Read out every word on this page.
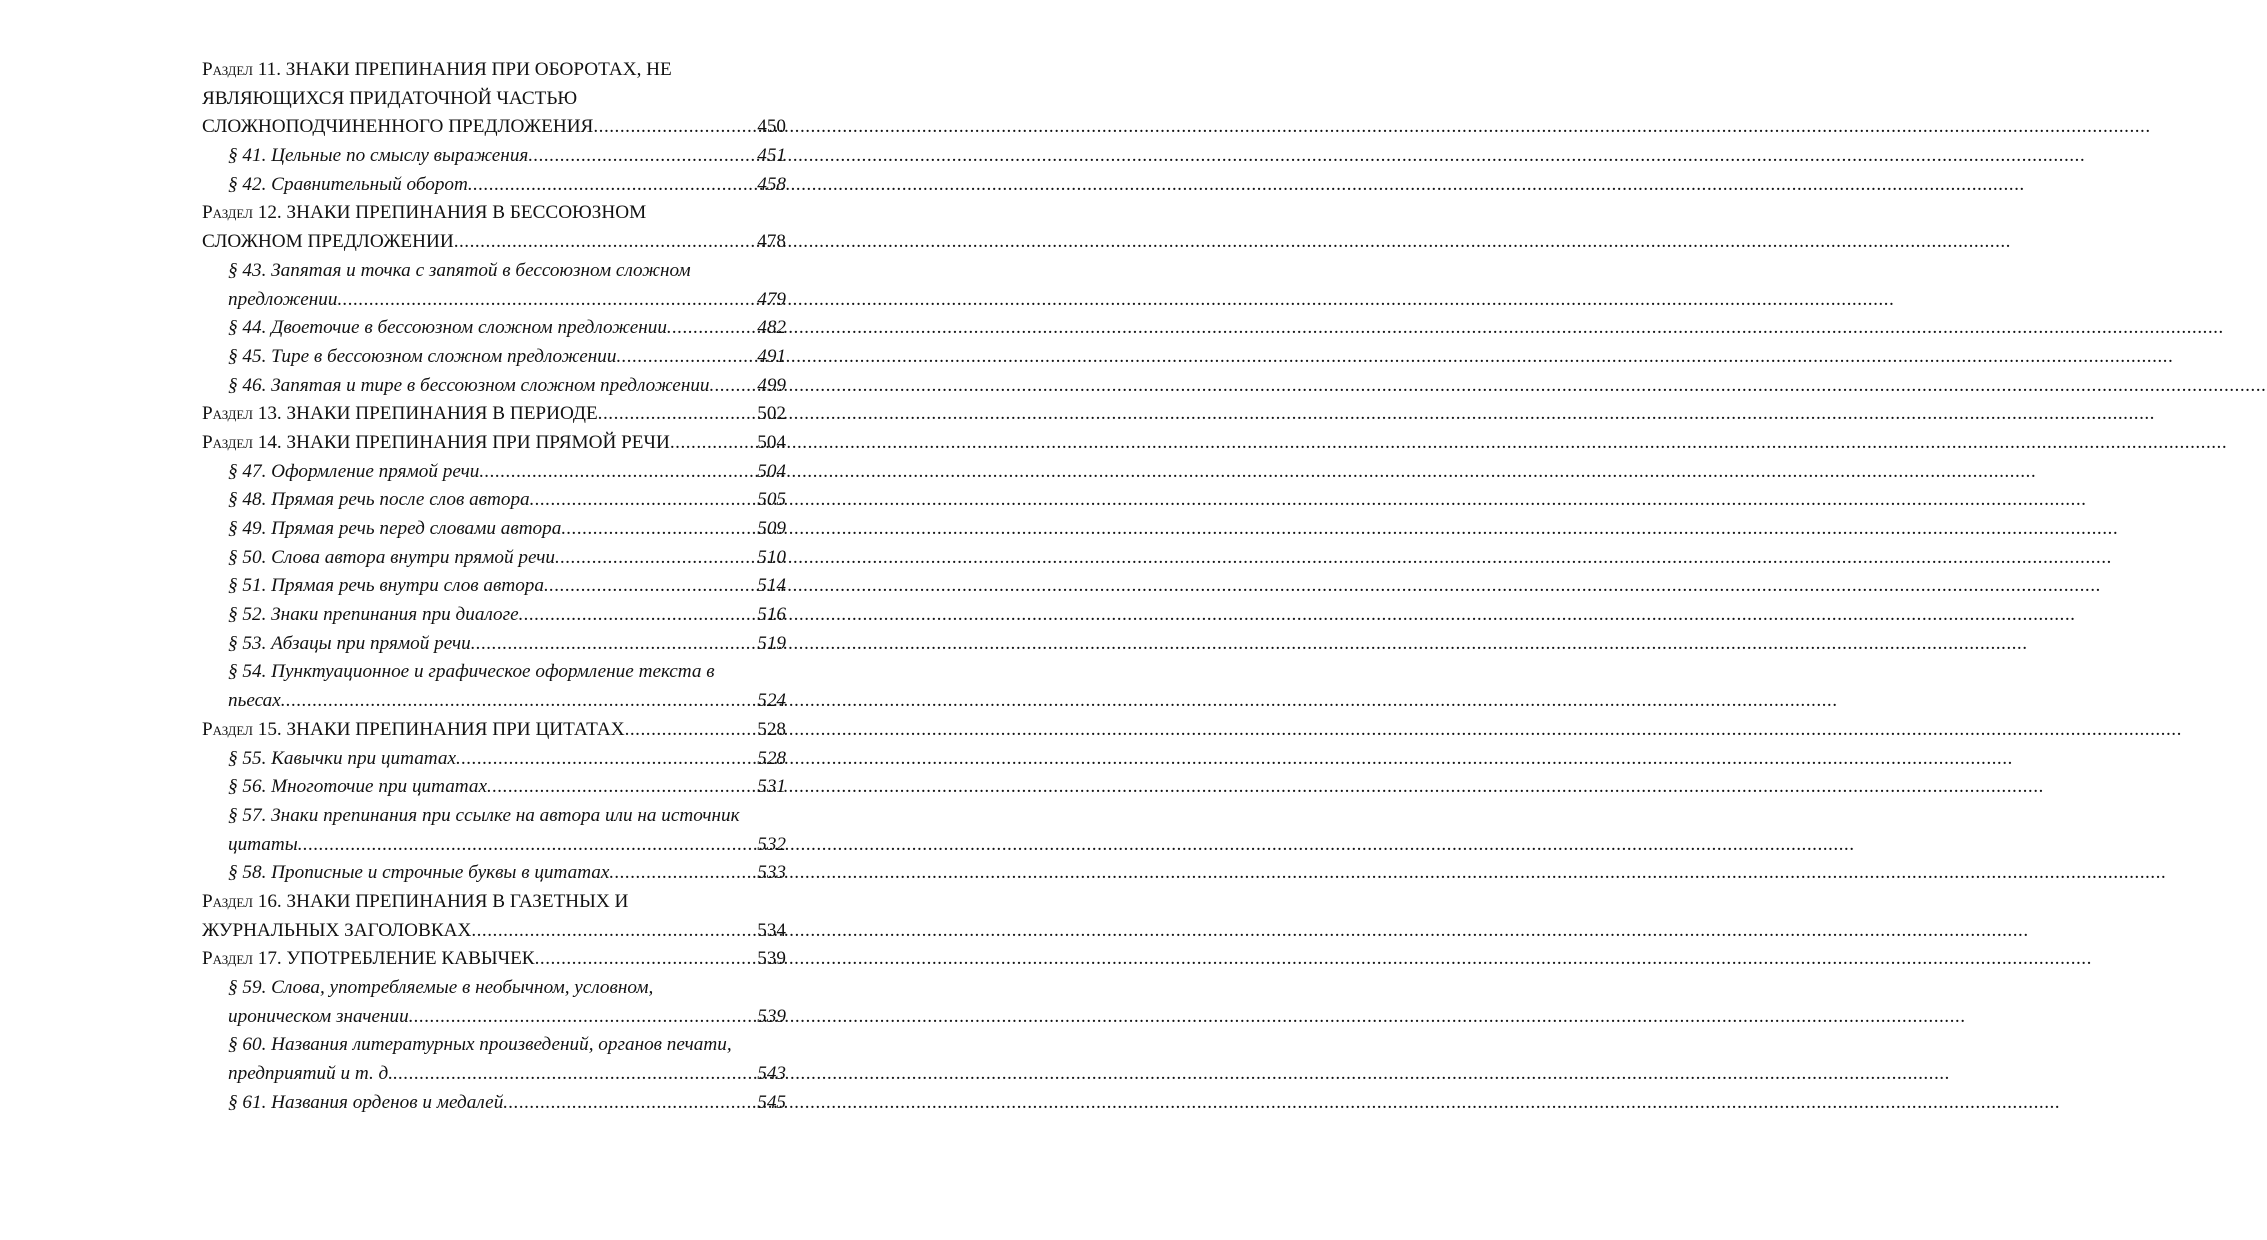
Раздел 11. ЗНАКИ ПРЕПИНАНИЯ ПРИ ОБОРОТАХ, НЕ
ЯВЛЯЮЩИХСЯ ПРИДАТОЧНОЙ ЧАСТЬЮ
СЛОЖНОПОДЧИНЕННОГО ПРЕДЛОЖЕНИЯ .....	450
§ 41. Цельные по смыслу выражения .....	451
§ 42. Сравнительный оборот .....	458
Раздел 12. ЗНАКИ ПРЕПИНАНИЯ В БЕССОЮЗНОМ
СЛОЖНОМ ПРЕДЛОЖЕНИИ .....	478
§ 43. Запятая и точка с запятой в бессоюзном сложном
предложении .....	479
§ 44. Двоеточие в бессоюзном сложном предложении .....	482
§ 45. Тире в бессоюзном сложном предложении .....	491
§ 46. Запятая и тире в бессоюзном сложном предложении ..... 499
Раздел 13. ЗНАКИ ПРЕПИНАНИЯ В ПЕРИОДЕ .....	502
Раздел 14. ЗНАКИ ПРЕПИНАНИЯ ПРИ ПРЯМОЙ РЕЧИ .....	504
§ 47. Оформление прямой речи .....	504
§ 48. Прямая речь после слов автора .....	505
§ 49. Прямая речь перед словами автора .....	509
§ 50. Слова автора внутри прямой речи .....	510
§ 51. Прямая речь внутри слов автора .....	514
§ 52. Знаки препинания при диалоге .....	516
§ 53. Абзацы при прямой речи .....	519
§ 54. Пунктуационное и графическое оформление текста в
пьесах .....	524
Раздел 15. ЗНАКИ ПРЕПИНАНИЯ ПРИ ЦИТАТАХ .....	528
§ 55. Кавычки при цитатах .....	528
§ 56. Многоточие при цитатах .....	531
§ 57. Знаки препинания при ссылке на автора или на источник
цитаты .....	532
§ 58. Прописные и строчные буквы в цитатах .....	533
Раздел 16. ЗНАКИ ПРЕПИНАНИЯ В ГАЗЕТНЫХ И
ЖУРНАЛЬНЫХ ЗАГОЛОВКАХ .....	534
Раздел 17. УПОТРЕБЛЕНИЕ КАВЫЧЕК .....	539
§ 59. Слова, употребляемые в необычном, условном,
ироническом значении .....	539
§ 60. Названия литературных произведений, органов печати,
предприятий и т. д. .....	543
§ 61. Названия орденов и медалей .....	545
